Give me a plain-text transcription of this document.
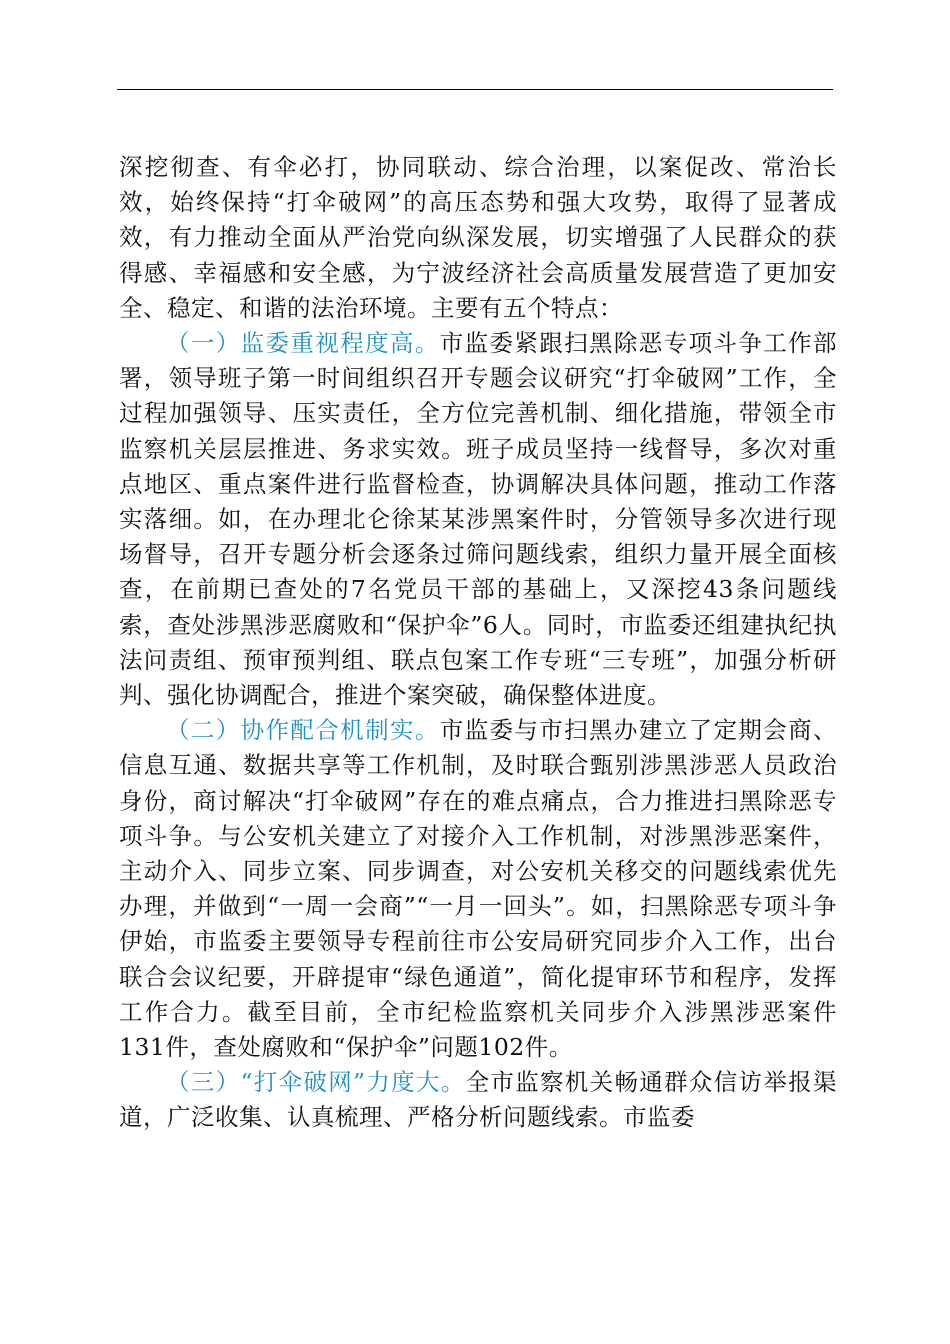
深挖彻查、有伞必打，协同联动、综合治理，以案促改、常治长效，始终保持“打伞破网”的高压态势和强大攻势，取得了显著成效，有力推动全面从严治党向纵深发展，切实增强了人民群众的获得感、幸福感和安全感，为宁波经济社会高质量发展营造了更加安全、稳定、和谐的法治环境。主要有五个特点：

（一）监委重视程度高。市监委紧跟扫黑除恶专项斗争工作部署，领导班子第一时间组织召开专题会议研究“打伞破网”工作，全过程加强领导、压实责任，全方位完善机制、细化措施，带领全市监察机关层层推进、务求实效。班子成员坚持一线督导，多次对重点地区、重点案件进行监督检查，协调解决具体问题，推动工作落实落细。如，在办理北仑徐某某涉黑案件时，分管领导多次进行现场督导，召开专题分析会逐条过筛问题线索，组织力量开展全面核查，在前期已查处的7名党员干部的基础上，又深挖43条问题线索，查处涉黑涉恶腐败和“保护伞”6人。同时，市监委还组建执纪执法问责组、预审预判组、联点包案工作专班“三专班”，加强分析研判、强化协调配合，推进个案突破，确保整体进度。

（二）协作配合机制实。市监委与市扫黑办建立了定期会商、信息互通、数据共享等工作机制，及时联合甄别涉黑涉恶人员政治身份，商讨解决“打伞破网”存在的难点痛点，合力推进扫黑除恶专项斗争。与公安机关建立了对接介入工作机制，对涉黑涉恶案件，主动介入、同步立案、同步调查，对公安机关移交的问题线索优先办理，并做到“一周一会商”“一月一回头”。如，扫黑除恶专项斗争伊始，市监委主要领导专程前往市公安局研究同步介入工作，出台联合会议纪要，开辟提审“绿色通道”，简化提审环节和程序，发挥工作合力。截至目前，全市纪检监察机关同步介入涉黑涉恶案件131件，查处腐败和“保护伞”问题102件。

（三）“打伞破网”力度大。全市监察机关畅通群众信访举报渠道，广泛收集、认真梳理、严格分析问题线索。市监委
